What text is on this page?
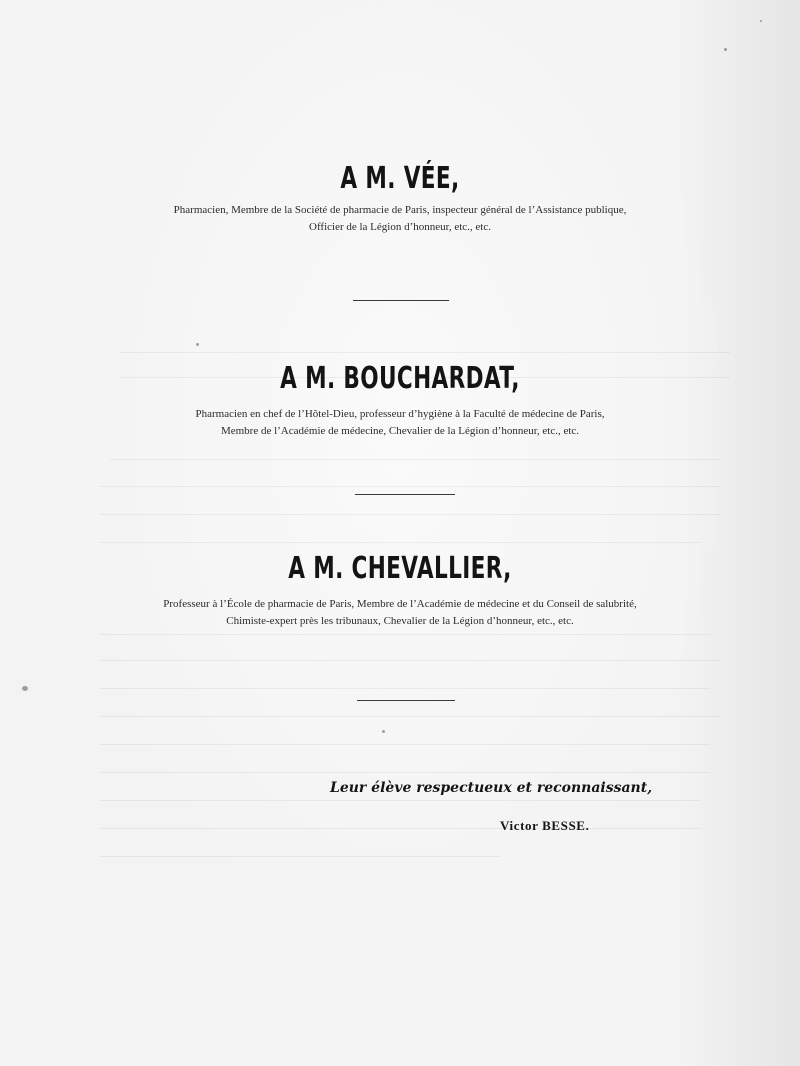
A M. VÉE,
Pharmacien, Membre de la Société de pharmacie de Paris, inspecteur général de l’Assistance publique,
Officier de la Légion d’honneur, etc., etc.
A M. BOUCHARDAT,
Pharmacien en chef de l’Hôtel-Dieu, professeur d’hygiène à la Faculté de médecine de Paris,
Membre de l’Académie de médecine, Chevalier de la Légion d’honneur, etc., etc.
A M. CHEVALLIER,
Professeur à l’École de pharmacie de Paris, Membre de l’Académie de médecine et du Conseil de salubrité,
Chimiste-expert près les tribunaux, Chevalier de la Légion d’honneur, etc., etc.
Leur élève respectueux et reconnaissant,
Victor BESSE.
